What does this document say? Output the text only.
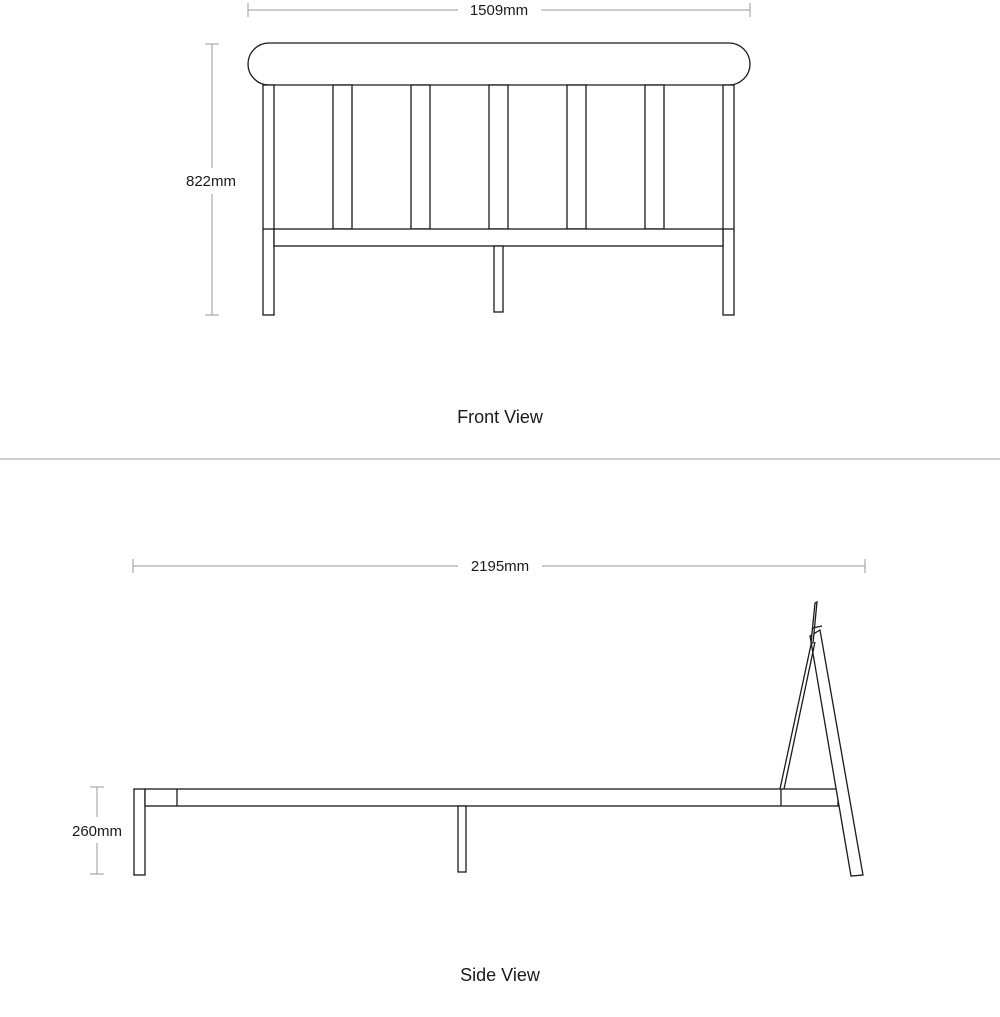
1509mm
822mm
Front View
2195mm
260mm
Side View
